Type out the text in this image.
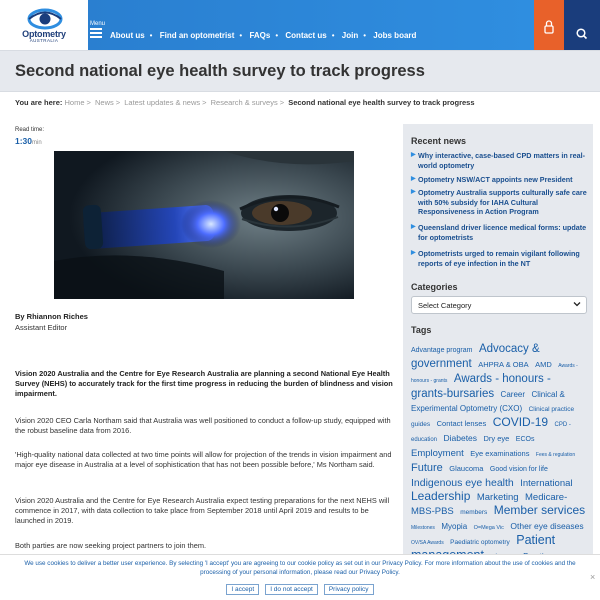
Optometry
AUSTRALIA
Menu
About us • Find an optometrist • FAQs • Contact us • Join • Jobs board
Second national eye health survey to track progress
You are here: Home > News > Latest updates & news > Research & surveys > Second national eye health survey to track progress
Read time:
1:30min
By Rhiannon Riches
Assistant Editor

Vision 2020 Australia and the Centre for Eye Research Australia are planning a second National Eye Health Survey (NEHS) to accurately track for the first time progress in reducing the burden of blindness and vision impairment.

Vision 2020 CEO Carla Northam said that Australia was well positioned to conduct a follow-up study, equipped with the robust baseline data from 2016.

'High-quality national data collected at two time points will allow for projection of the trends in vision impairment and major eye disease in Australia at a level of sophistication that has not been possible before,' Ms Northam said.

Vision 2020 Australia and the Centre for Eye Research Australia expect testing preparations for the next NEHS will commence in 2017, with data collection to take place from September 2018 until April 2019 and results to be launched in 2019.

Both parties are now seeking project partners to join them.

Recent news
▶ Why interactive, case-based CPD matters in real-world optometry
▶ Optometry NSW/ACT appoints new President
▶ Optometry Australia supports culturally safe care with 50% subsidy for IAHA Cultural Responsiveness in Action Program
▶ Queensland driver licence medical forms: update for optometrists
▶ Optometrists urged to remain vigilant following reports of eye infection in the NT
Categories
Select Category
Tags
Advantage program Advocacy & government AHPRA & OBA AMD Awards - honours - grants Awards - honours - grants-bursaries Career Clinical & Experimental Optometry (CXO) Clinical practice guides Contact lenses COVID-19 CPD - education Diabetes Dry eye ECOs Employment Eye examinations Fees & regulation Future Glaucoma Good vision for life Indigenous eye health International Leadership Marketing Medicare-MBS-PBS members Member services Milestones Myopia O=Mega Vic Other eye diseases OV/SA Awards Paediatric optometry Patient
We use cookies to deliver a better user experience. By selecting 'I accept' you are agreeing to our cookie policy as set out in our Privacy Policy. For more information about the use of cookies and the processing of your personal information, please read our Privacy Policy.	×
I accept I do not accept Privacy policy
